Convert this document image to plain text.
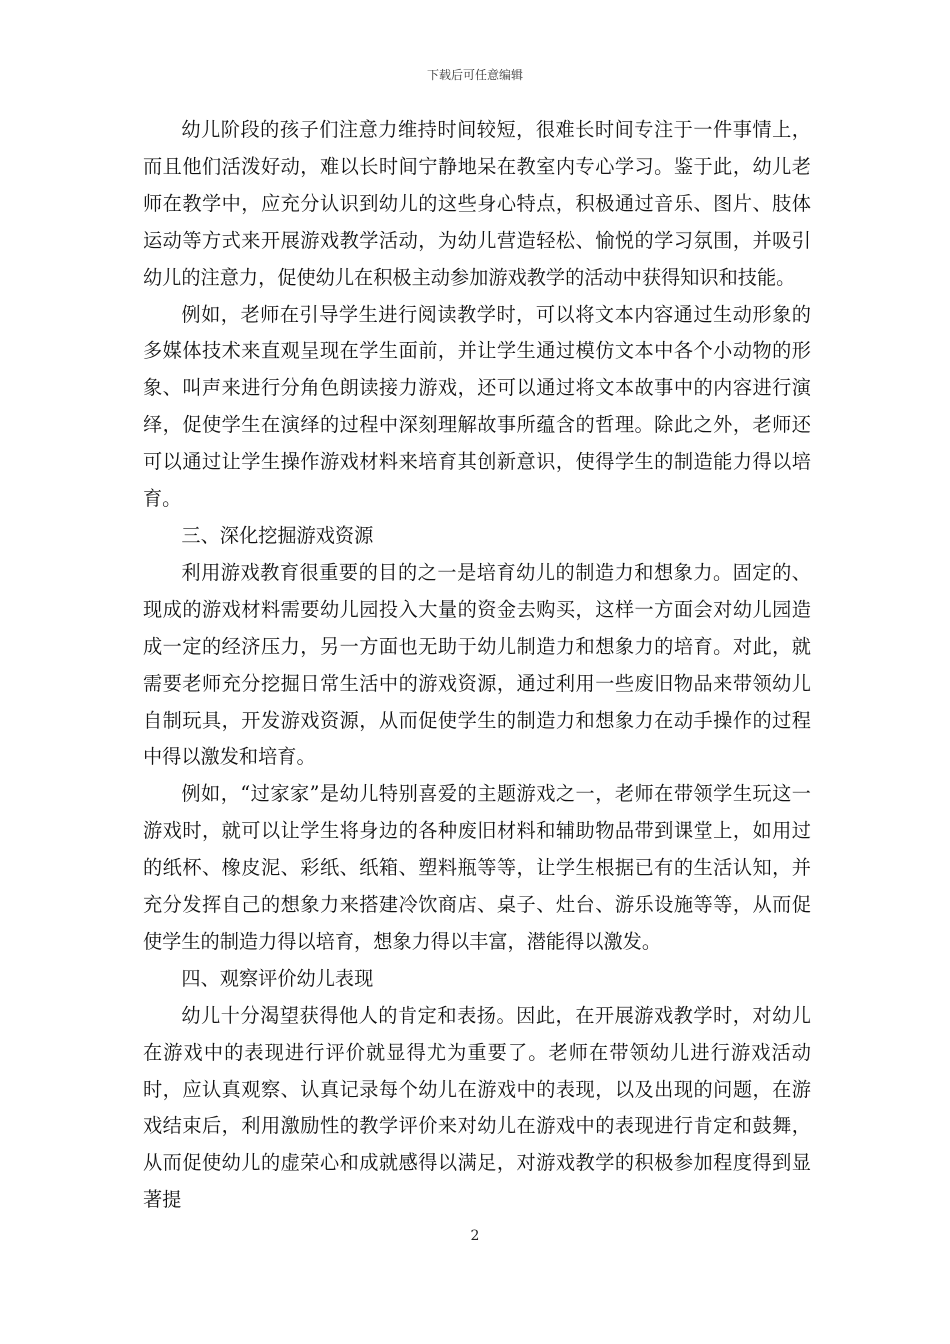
下载后可任意编辑

幼儿阶段的孩子们注意力维持时间较短，很难长时间专注于一件事情上，而且他们活泼好动，难以长时间宁静地呆在教室内专心学习。鉴于此，幼儿老师在教学中，应充分认识到幼儿的这些身心特点，积极通过音乐、图片、肢体运动等方式来开展游戏教学活动，为幼儿营造轻松、愉悦的学习氛围，并吸引幼儿的注意力，促使幼儿在积极主动参加游戏教学的活动中获得知识和技能。

例如，老师在引导学生进行阅读教学时，可以将文本内容通过生动形象的多媒体技术来直观呈现在学生面前，并让学生通过模仿文本中各个小动物的形象、叫声来进行分角色朗读接力游戏，还可以通过将文本故事中的内容进行演绎，促使学生在演绎的过程中深刻理解故事所蕴含的哲理。除此之外，老师还可以通过让学生操作游戏材料来培育其创新意识，使得学生的制造能力得以培育。

三、深化挖掘游戏资源

利用游戏教育很重要的目的之一是培育幼儿的制造力和想象力。固定的、现成的游戏材料需要幼儿园投入大量的资金去购买，这样一方面会对幼儿园造成一定的经济压力，另一方面也无助于幼儿制造力和想象力的培育。对此，就需要老师充分挖掘日常生活中的游戏资源，通过利用一些废旧物品来带领幼儿自制玩具，开发游戏资源，从而促使学生的制造力和想象力在动手操作的过程中得以激发和培育。

例如，“过家家”是幼儿特别喜爱的主题游戏之一，老师在带领学生玩这一游戏时，就可以让学生将身边的各种废旧材料和辅助物品带到课堂上，如用过的纸杯、橡皮泥、彩纸、纸箱、塑料瓶等等，让学生根据已有的生活认知，并充分发挥自己的想象力来搭建冷饮商店、桌子、灶台、游乐设施等等，从而促使学生的制造力得以培育，想象力得以丰富，潜能得以激发。

四、观察评价幼儿表现

幼儿十分渴望获得他人的肯定和表扬。因此，在开展游戏教学时，对幼儿在游戏中的表现进行评价就显得尤为重要了。老师在带领幼儿进行游戏活动时，应认真观察、认真记录每个幼儿在游戏中的表现，以及出现的问题，在游戏结束后，利用激励性的教学评价来对幼儿在游戏中的表现进行肯定和鼓舞，从而促使幼儿的虚荣心和成就感得以满足，对游戏教学的积极参加程度得到显著提

2
